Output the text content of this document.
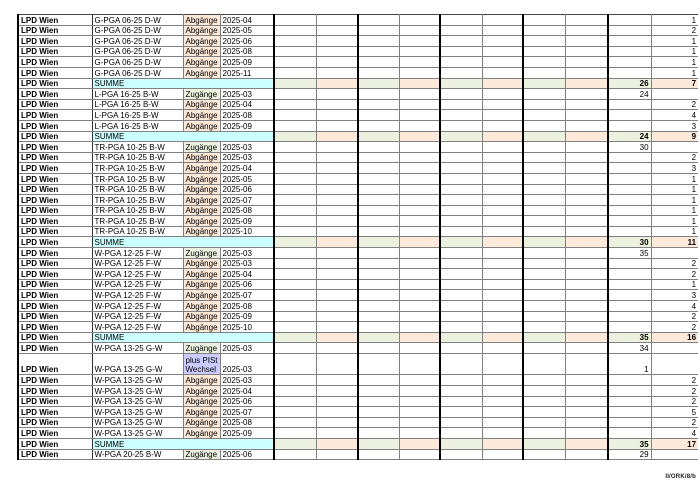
LPD Wien	G-PGA 06-25 D-W	Abgänge	2025-04										1
LPD Wien	G-PGA 06-25 D-W	Abgänge	2025-05										2
LPD Wien	G-PGA 06-25 D-W	Abgänge	2025-06										1
LPD Wien	G-PGA 06-25 D-W	Abgänge	2025-08										1
LPD Wien	G-PGA 06-25 D-W	Abgänge	2025-09										1
LPD Wien	G-PGA 06-25 D-W	Abgänge	2025-11										1
LPD Wien	SUMME											26	7
LPD Wien	L-PGA 16-25 B-W	Zugänge	2025-03									24	
LPD Wien	L-PGA 16-25 B-W	Abgänge	2025-04										2
LPD Wien	L-PGA 16-25 B-W	Abgänge	2025-08										4
LPD Wien	L-PGA 16-25 B-W	Abgänge	2025-09										3
LPD Wien	SUMME											24	9
LPD Wien	TR-PGA 10-25 B-W	Zugänge	2025-03									30	
LPD Wien	TR-PGA 10-25 B-W	Abgänge	2025-03										2
LPD Wien	TR-PGA 10-25 B-W	Abgänge	2025-04										3
LPD Wien	TR-PGA 10-25 B-W	Abgänge	2025-05										1
LPD Wien	TR-PGA 10-25 B-W	Abgänge	2025-06										1
LPD Wien	TR-PGA 10-25 B-W	Abgänge	2025-07										1
LPD Wien	TR-PGA 10-25 B-W	Abgänge	2025-08										1
LPD Wien	TR-PGA 10-25 B-W	Abgänge	2025-09										1
LPD Wien	TR-PGA 10-25 B-W	Abgänge	2025-10										1
LPD Wien	SUMME											30	11
LPD Wien	W-PGA 12-25 F-W	Zugänge	2025-03									35	
LPD Wien	W-PGA 12-25 F-W	Abgänge	2025-03										2
LPD Wien	W-PGA 12-25 F-W	Abgänge	2025-04										2
LPD Wien	W-PGA 12-25 F-W	Abgänge	2025-06										1
LPD Wien	W-PGA 12-25 F-W	Abgänge	2025-07										3
LPD Wien	W-PGA 12-25 F-W	Abgänge	2025-08										4
LPD Wien	W-PGA 12-25 F-W	Abgänge	2025-09										2
LPD Wien	W-PGA 12-25 F-W	Abgänge	2025-10										2
LPD Wien	SUMME											35	16
LPD Wien	W-PGA 13-25 G-W	Zugänge	2025-03									34	
LPD Wien	W-PGA 13-25 G-W	plus PISt Wechsel	2025-03									1	
LPD Wien	W-PGA 13-25 G-W	Abgänge	2025-03										2
LPD Wien	W-PGA 13-25 G-W	Abgänge	2025-04										2
LPD Wien	W-PGA 13-25 G-W	Abgänge	2025-06										2
LPD Wien	W-PGA 13-25 G-W	Abgänge	2025-07										5
LPD Wien	W-PGA 13-25 G-W	Abgänge	2025-08										2
LPD Wien	W-PGA 13-25 G-W	Abgänge	2025-09										4
LPD Wien	SUMME											35	17
LPD Wien	W-PGA 20-25 B-W	Zugänge	2025-06									29	
II/ORK/8/b
